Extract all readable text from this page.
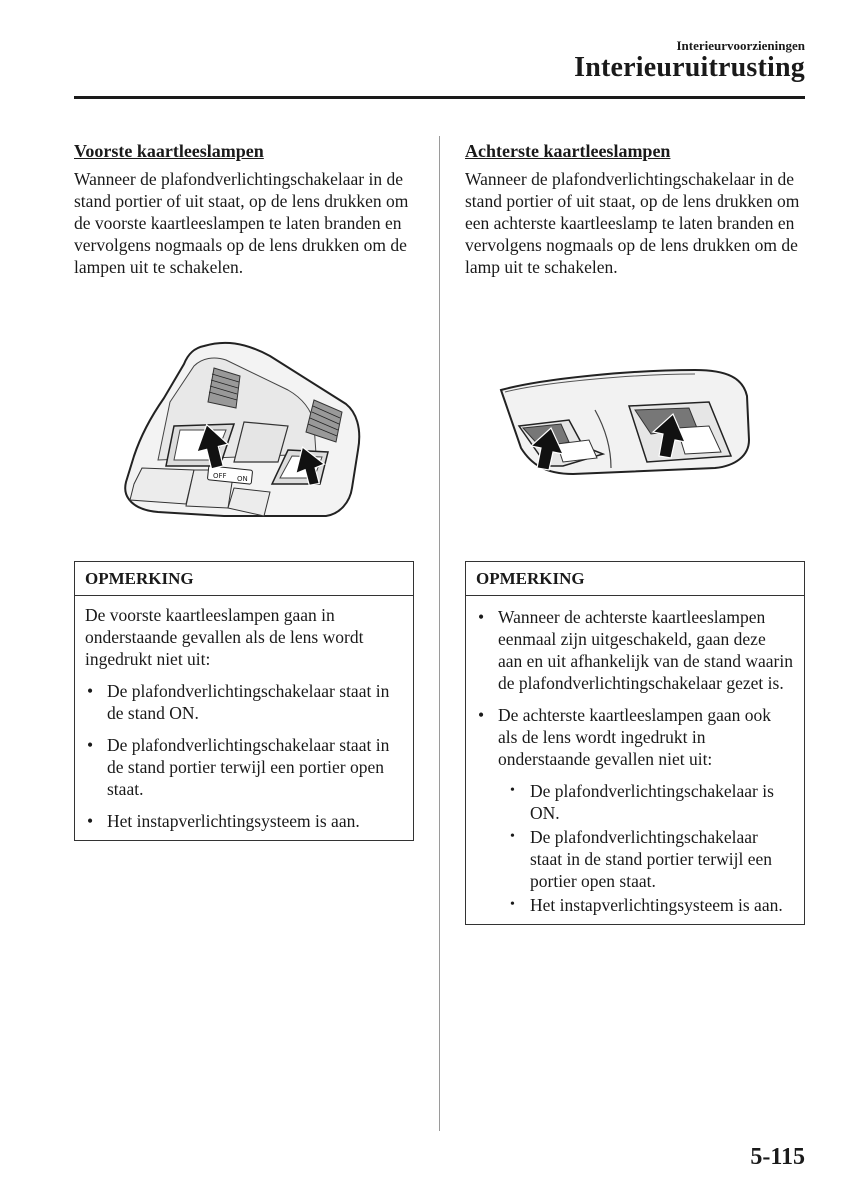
Interieurvoorzieningen
Interieuruitrusting
Voorste kaartleeslampen

Wanneer de plafondverlichtingschakelaar in de stand portier of uit staat, op de lens drukken om de voorste kaartleeslampen te laten branden en vervolgens nogmaals op de lens drukken om de lampen uit te schakelen.

OFF ON
OPMERKING

De voorste kaartleeslampen gaan in onderstaande gevallen als de lens wordt ingedrukt niet uit:

• De plafondverlichtingschakelaar staat in de stand ON.
• De plafondverlichtingschakelaar staat in de stand portier terwijl een portier open staat.
• Het instapverlichtingsysteem is aan.
Achterste kaartleeslampen

Wanneer de plafondverlichtingschakelaar in de stand portier of uit staat, op de lens drukken om een achterste kaartleeslamp te laten branden en vervolgens nogmaals op de lens drukken om de lamp uit te schakelen.

OPMERKING
• Wanneer de achterste kaartleeslampen eenmaal zijn uitgeschakeld, gaan deze aan en uit afhankelijk van de stand waarin de plafondverlichtingschakelaar gezet is.
• De achterste kaartleeslampen gaan ook als de lens wordt ingedrukt in onderstaande gevallen niet uit:
• De plafondverlichtingschakelaar is ON.
• De plafondverlichtingschakelaar staat in de stand portier terwijl een portier open staat.
• Het instapverlichtingsysteem is aan.
5-115
